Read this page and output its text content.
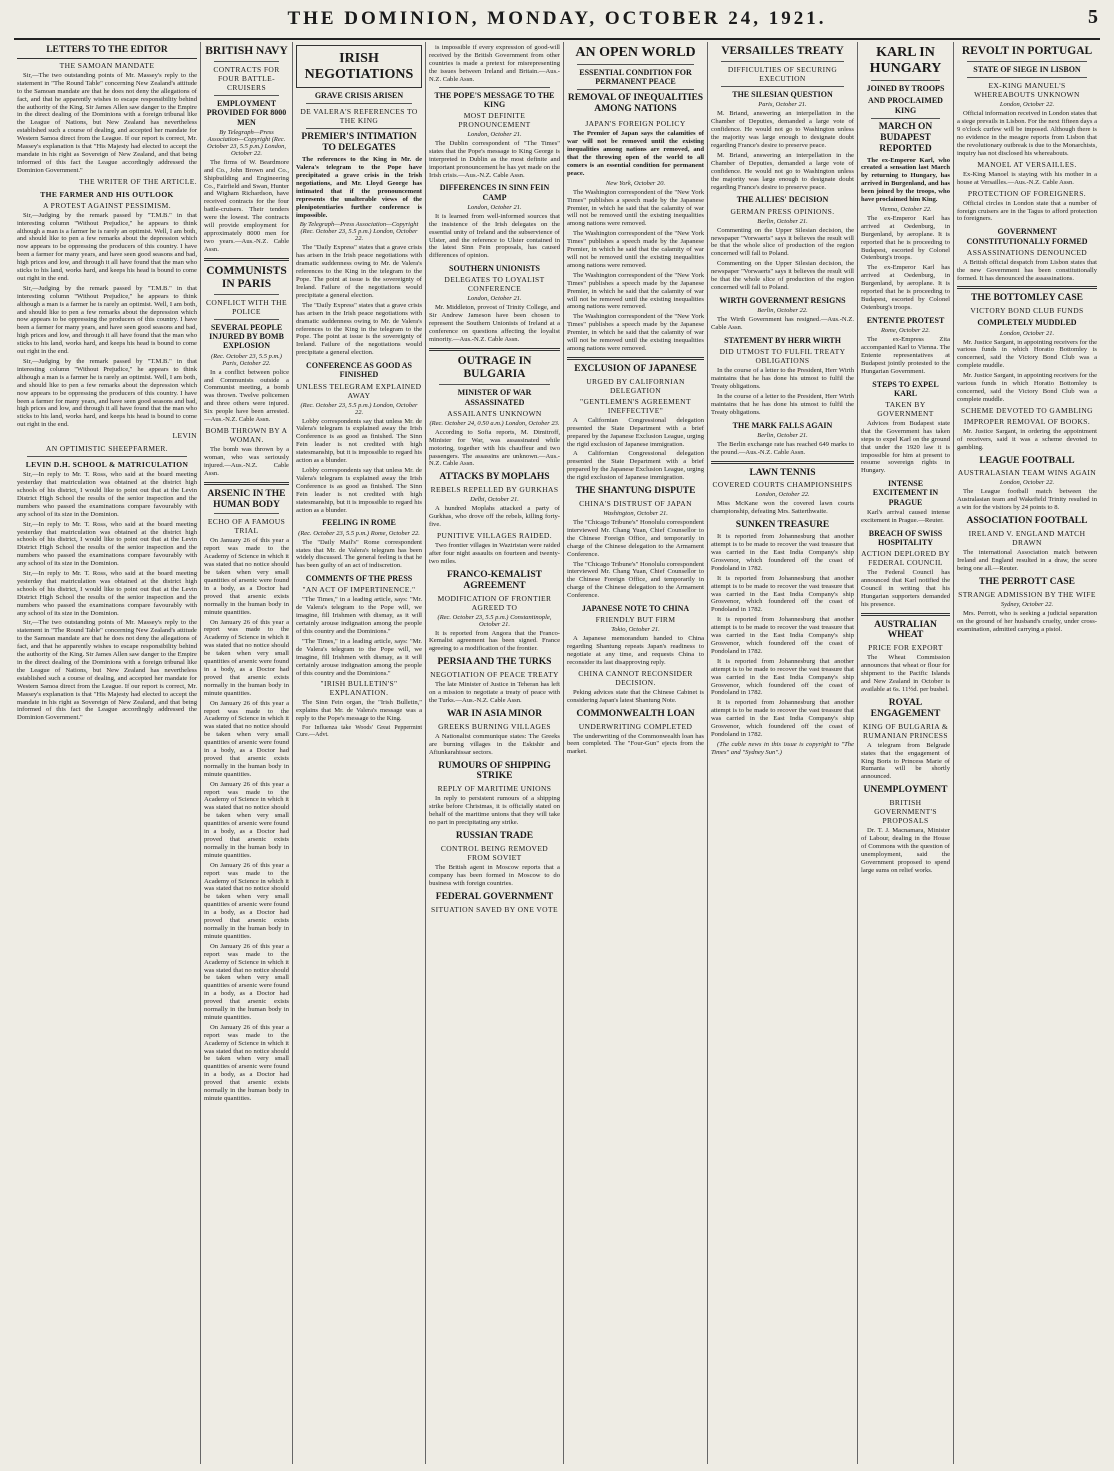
THE DOMINION, MONDAY, OCTOBER 24, 1921.	5
LETTERS TO THE EDITOR
THE SAMOAN MANDATE

Sir,—The two outstanding points of Mr. Massey's reply to the statement in "The Round Table" concerning New Zealand's attitude to the Samoan mandate are that he does not deny the allegations of fact, and that he apparently wishes to escape responsibility behind the authority of the King. Sir James Allen saw danger to the Empire in the direct dealing of the Dominions with a foreign tribunal like the League of Nations, but New Zealand has nevertheless established such a course of dealing, and accepted her mandate for Western Samoa direct from the League. If our report is correct, Mr. Massey's explanation is that "His Majesty had elected to accept the mandate in his right as Sovereign of New Zealand, and that being informed of this fact the League accordingly addressed the Dominion Government."

THE WRITER OF THE ARTICLE.
THE FARMER AND HIS OUTLOOK
A PROTEST AGAINST PESSIMISM.

Sir,—Judging by the remark passed by "T.M.B." in that interesting column "Without Prejudice," he appears to think although a man is a farmer he is rarely an optimist. Well, I am both, and should like to pen a few remarks about the depression which now appears to be oppressing the producers of this country. I have been a farmer for many years, and have seen good seasons and bad, high prices and low, and through it all have found that the man who sticks to his land, works hard, and keeps his head is bound to come out right in the end.

Sir,—Judging by the remark passed by "T.M.B." in that interesting column "Without Prejudice," he appears to think although a man is a farmer he is rarely an optimist. Well, I am both, and should like to pen a few remarks about the depression which now appears to be oppressing the producers of this country. I have been a farmer for many years, and have seen good seasons and bad, high prices and low, and through it all have found that the man who sticks to his land, works hard, and keeps his head is bound to come out right in the end.

Sir,—Judging by the remark passed by "T.M.B." in that interesting column "Without Prejudice," he appears to think although a man is a farmer he is rarely an optimist. Well, I am both, and should like to pen a few remarks about the depression which now appears to be oppressing the producers of this country. I have been a farmer for many years, and have seen good seasons and bad, high prices and low, and through it all have found that the man who sticks to his land, works hard, and keeps his head is bound to come out right in the end.

LEVIN
AN OPTIMISTIC SHEEPFARMER.
LEVIN D.H. SCHOOL & MATRICULATION

Sir,—In reply to Mr. T. Ross, who said at the board meeting yesterday that matriculation was obtained at the district high schools of his district, I would like to point out that at the Levin District High School the results of the senior inspection and the numbers who passed the examinations compare favourably with any school of its size in the Dominion.

Sir,—In reply to Mr. T. Ross, who said at the board meeting yesterday that matriculation was obtained at the district high schools of his district, I would like to point out that at the Levin District High School the results of the senior inspection and the numbers who passed the examinations compare favourably with any school of its size in the Dominion.

Sir,—In reply to Mr. T. Ross, who said at the board meeting yesterday that matriculation was obtained at the district high schools of his district, I would like to point out that at the Levin District High School the results of the senior inspection and the numbers who passed the examinations compare favourably with any school of its size in the Dominion.

Sir,—The two outstanding points of Mr. Massey's reply to the statement in "The Round Table" concerning New Zealand's attitude to the Samoan mandate are that he does not deny the allegations of fact, and that he apparently wishes to escape responsibility behind the authority of the King. Sir James Allen saw danger to the Empire in the direct dealing of the Dominions with a foreign tribunal like the League of Nations, but New Zealand has nevertheless established such a course of dealing, and accepted her mandate for Western Samoa direct from the League. If our report is correct, Mr. Massey's explanation is that "His Majesty had elected to accept the mandate in his right as Sovereign of New Zealand, and that being informed of this fact the League accordingly addressed the Dominion Government."

BRITISH NAVY
CONTRACTS FOR FOUR BATTLE-CRUISERS
EMPLOYMENT PROVIDED FOR 8000 MEN
By Telegraph—Press Association—Copyright (Rec. October 23, 5.5 p.m.) London, October 22.

The firms of W. Beardmore and Co., John Brown and Co., Shipbuilding and Engineering Co., Fairfield and Swan, Hunter and Wigham Richardson, have received contracts for the four battle-cruisers. Their tenders were the lowest. The contracts will provide employment for approximately 8000 men for two years.—Aus.-N.Z. Cable Assn.

COMMUNISTS IN PARIS
CONFLICT WITH THE POLICE
SEVERAL PEOPLE INJURED BY BOMB EXPLOSION
(Rec. October 23, 5.5 p.m.) Paris, October 22.

In a conflict between police and Communists outside a Communist meeting, a bomb was thrown. Twelve policemen and three others were injured. Six people have been arrested.—Aus.-N.Z. Cable Assn.

BOMB THROWN BY A WOMAN.

The bomb was thrown by a woman, who was seriously injured.—Aus.-N.Z. Cable Assn.

ARSENIC IN THE HUMAN BODY
ECHO OF A FAMOUS TRIAL

On January 26 of this year a report was made to the Academy of Science in which it was stated that no notice should be taken when very small quantities of arsenic were found in a body, as a Doctor had proved that arsenic exists normally in the human body in minute quantities.

On January 26 of this year a report was made to the Academy of Science in which it was stated that no notice should be taken when very small quantities of arsenic were found in a body, as a Doctor had proved that arsenic exists normally in the human body in minute quantities.

On January 26 of this year a report was made to the Academy of Science in which it was stated that no notice should be taken when very small quantities of arsenic were found in a body, as a Doctor had proved that arsenic exists normally in the human body in minute quantities.

On January 26 of this year a report was made to the Academy of Science in which it was stated that no notice should be taken when very small quantities of arsenic were found in a body, as a Doctor had proved that arsenic exists normally in the human body in minute quantities.

On January 26 of this year a report was made to the Academy of Science in which it was stated that no notice should be taken when very small quantities of arsenic were found in a body, as a Doctor had proved that arsenic exists normally in the human body in minute quantities.

On January 26 of this year a report was made to the Academy of Science in which it was stated that no notice should be taken when very small quantities of arsenic were found in a body, as a Doctor had proved that arsenic exists normally in the human body in minute quantities.

On January 26 of this year a report was made to the Academy of Science in which it was stated that no notice should be taken when very small quantities of arsenic were found in a body, as a Doctor had proved that arsenic exists normally in the human body in minute quantities.

IRISH NEGOTIATIONS
GRAVE CRISIS ARISEN
DE VALERA'S REFERENCES TO THE KING
PREMIER'S INTIMATION TO DELEGATES

The references to the King in Mr. de Valera's telegram to the Pope have precipitated a grave crisis in the Irish negotiations, and Mr. Lloyd George has intimated that if the pronouncement represents the unalterable views of the plenipotentiaries further conference is impossible.

By Telegraph—Press Association—Copyright (Rec. October 23, 5.5 p.m.) London, October 22.

The "Daily Express" states that a grave crisis has arisen in the Irish peace negotiations with dramatic suddenness owing to Mr. de Valera's references to the King in the telegram to the Pope. The point at issue is the sovereignty of Ireland. Failure of the negotiations would precipitate a general election.

The "Daily Express" states that a grave crisis has arisen in the Irish peace negotiations with dramatic suddenness owing to Mr. de Valera's references to the King in the telegram to the Pope. The point at issue is the sovereignty of Ireland. Failure of the negotiations would precipitate a general election.

CONFERENCE AS GOOD AS FINISHED
UNLESS TELEGRAM EXPLAINED AWAY
(Rec. October 23, 5.5 p.m.) London, October 22.

Lobby correspondents say that unless Mr. de Valera's telegram is explained away the Irish Conference is as good as finished. The Sinn Fein leader is not credited with high statesmanship, but it is impossible to regard his action as a blunder.

Lobby correspondents say that unless Mr. de Valera's telegram is explained away the Irish Conference is as good as finished. The Sinn Fein leader is not credited with high statesmanship, but it is impossible to regard his action as a blunder.

FEELING IN ROME
(Rec. October 23, 5.5 p.m.) Rome, October 22.

The "Daily Mail's" Rome correspondent states that Mr. de Valera's telegram has been widely discussed. The general feeling is that he has been guilty of an act of indiscretion.

COMMENTS OF THE PRESS
"AN ACT OF IMPERTINENCE."

"The Times," in a leading article, says: "Mr. de Valera's telegram to the Pope will, we imagine, fill Irishmen with dismay, as it will certainly arouse indignation among the people of this country and the Dominions."

"The Times," in a leading article, says: "Mr. de Valera's telegram to the Pope will, we imagine, fill Irishmen with dismay, as it will certainly arouse indignation among the people of this country and the Dominions."

"IRISH BULLETIN'S" EXPLANATION.

The Sinn Fein organ, the "Irish Bulletin," explains that Mr. de Valera's message was a reply to the Pope's message to the King.

For Influenza take Woods' Great Peppermint Cure.—Advt.

is impossible if every expression of good-will received by the British Government from other countries is made a pretext for misrepresenting the issues between Ireland and Britain.—Aus.-N.Z. Cable Assn.

THE POPE'S MESSAGE TO THE KING
MOST DEFINITE PRONOUNCEMENT
London, October 21.

The Dublin correspondent of "The Times" states that the Pope's message to King George is interpreted in Dublin as the most definite and important pronouncement he has yet made on the Irish crisis.—Aus.-N.Z. Cable Assn.

DIFFERENCES IN SINN FEIN CAMP
London, October 21.

It is learned from well-informed sources that the insistence of the Irish delegates on the essential unity of Ireland and the subservience of Ulster, and the reference to Ulster contained in the latest Sinn Fein proposals, has caused differences of opinion.

SOUTHERN UNIONISTS
DELEGATES TO LOYALIST CONFERENCE
London, October 21.

Mr. Middleton, provost of Trinity College, and Sir Andrew Jameson have been chosen to represent the Southern Unionists of Ireland at a conference on questions affecting the loyalist minority.—Aus.-N.Z. Cable Assn.

OUTRAGE IN BULGARIA
MINISTER OF WAR ASSASSINATED
ASSAILANTS UNKNOWN
(Rec. October 24, 0.50 a.m.) London, October 23.

According to Sofia reports, M. Dimitroff, Minister for War, was assassinated while motoring, together with his chauffeur and two passengers. The assassins are unknown.—Aus.-N.Z. Cable Assn.

ATTACKS BY MOPLAHS
REBELS REPELLED BY GURKHAS
Delhi, October 21.

A hundred Moplahs attacked a party of Gurkhas, who drove off the rebels, killing forty-five.

PUNITIVE VILLAGES RAIDED.

Two frontier villages in Waziristan were raided after four night assaults on fourteen and twenty-two miles.

FRANCO-KEMALIST AGREEMENT
MODIFICATION OF FRONTIER AGREED TO
(Rec. October 23, 5.5 p.m.) Constantinople, October 21.

It is reported from Angora that the Franco-Kemalist agreement has been signed. France agreeing to a modification of the frontier.

PERSIA AND THE TURKS
NEGOTIATION OF PEACE TREATY

The late Minister of Justice in Teheran has left on a mission to negotiate a treaty of peace with the Turks.—Aus.-N.Z. Cable Assn.

WAR IN ASIA MINOR
GREEKS BURNING VILLAGES

A Nationalist communique states: The Greeks are burning villages in the Eskishir and Afiunkarahissar sectors.

RUMOURS OF SHIPPING STRIKE
REPLY OF MARITIME UNIONS

In reply to persistent rumours of a shipping strike before Christmas, it is officially stated on behalf of the maritime unions that they will take no part in precipitating any strike.

RUSSIAN TRADE
CONTROL BEING REMOVED FROM SOVIET

The British agent in Moscow reports that a company has been formed in Moscow to do business with foreign countries.

FEDERAL GOVERNMENT
SITUATION SAVED BY ONE VOTE
AN OPEN WORLD
ESSENTIAL CONDITION FOR PERMANENT PEACE
REMOVAL OF INEQUALITIES AMONG NATIONS
JAPAN'S FOREIGN POLICY

The Premier of Japan says the calamities of war will not be removed until the existing inequalities among nations are removed, and that the throwing open of the world to all comers is an essential condition for permanent peace.

New York, October 20.

The Washington correspondent of the "New York Times" publishes a speech made by the Japanese Premier, in which he said that the calamity of war will not be removed until the existing inequalities among nations were removed.

The Washington correspondent of the "New York Times" publishes a speech made by the Japanese Premier, in which he said that the calamity of war will not be removed until the existing inequalities among nations were removed.

The Washington correspondent of the "New York Times" publishes a speech made by the Japanese Premier, in which he said that the calamity of war will not be removed until the existing inequalities among nations were removed.

The Washington correspondent of the "New York Times" publishes a speech made by the Japanese Premier, in which he said that the calamity of war will not be removed until the existing inequalities among nations were removed.

EXCLUSION OF JAPANESE
URGED BY CALIFORNIAN DELEGATION
"GENTLEMEN'S AGREEMENT INEFFECTIVE"

A Californian Congressional delegation presented the State Department with a brief prepared by the Japanese Exclusion League, urging the rigid exclusion of Japanese immigration.

A Californian Congressional delegation presented the State Department with a brief prepared by the Japanese Exclusion League, urging the rigid exclusion of Japanese immigration.

THE SHANTUNG DISPUTE
CHINA'S DISTRUST OF JAPAN
Washington, October 21.

The "Chicago Tribune's" Honolulu correspondent interviewed Mr. Chang Yuan, Chief Counsellor to the Chinese Foreign Office, and temporarily in charge of the Chinese delegation to the Armament Conference.

The "Chicago Tribune's" Honolulu correspondent interviewed Mr. Chang Yuan, Chief Counsellor to the Chinese Foreign Office, and temporarily in charge of the Chinese delegation to the Armament Conference.

JAPANESE NOTE TO CHINA
FRIENDLY BUT FIRM
Tokio, October 21.

A Japanese memorandum handed to China regarding Shantung repeats Japan's readiness to negotiate at any time, and requests China to reconsider its last disapproving reply.

CHINA CANNOT RECONSIDER DECISION.

Peking advices state that the Chinese Cabinet is considering Japan's latest Shantung Note.

COMMONWEALTH LOAN
UNDERWRITING COMPLETED

The underwriting of the Commonwealth loan has been completed. The "Four-Gun" ejects from the market.

VERSAILLES TREATY
DIFFICULTIES OF SECURING EXECUTION
THE SILESIAN QUESTION
Paris, October 21.

M. Briand, answering an interpellation in the Chamber of Deputies, demanded a large vote of confidence. He would not go to Washington unless the majority was large enough to designate doubt regarding France's desire to preserve peace.

M. Briand, answering an interpellation in the Chamber of Deputies, demanded a large vote of confidence. He would not go to Washington unless the majority was large enough to designate doubt regarding France's desire to preserve peace.

THE ALLIES' DECISION
GERMAN PRESS OPINIONS.
Berlin, October 21.

Commenting on the Upper Silesian decision, the newspaper "Vorwaerts" says it believes the result will be that the whole slice of production of the region concerned will fall to Poland.

Commenting on the Upper Silesian decision, the newspaper "Vorwaerts" says it believes the result will be that the whole slice of production of the region concerned will fall to Poland.

WIRTH GOVERNMENT RESIGNS
Berlin, October 22.

The Wirth Government has resigned.—Aus.-N.Z. Cable Assn.

STATEMENT BY HERR WIRTH
DID UTMOST TO FULFIL TREATY OBLIGATIONS

In the course of a letter to the President, Herr Wirth maintains that he has done his utmost to fulfil the Treaty obligations.

In the course of a letter to the President, Herr Wirth maintains that he has done his utmost to fulfil the Treaty obligations.

THE MARK FALLS AGAIN
Berlin, October 21.

The Berlin exchange rate has reached 649 marks to the pound.—Aus.-N.Z. Cable Assn.

LAWN TENNIS
COVERED COURTS CHAMPIONSHIPS
London, October 22.

Miss McKane won the covered lawn courts championship, defeating Mrs. Satterthwaite.

SUNKEN TREASURE

It is reported from Johannesburg that another attempt is to be made to recover the vast treasure that was carried in the East India Company's ship Grosvenor, which foundered off the coast of Pondoland in 1782.

It is reported from Johannesburg that another attempt is to be made to recover the vast treasure that was carried in the East India Company's ship Grosvenor, which foundered off the coast of Pondoland in 1782.

It is reported from Johannesburg that another attempt is to be made to recover the vast treasure that was carried in the East India Company's ship Grosvenor, which foundered off the coast of Pondoland in 1782.

It is reported from Johannesburg that another attempt is to be made to recover the vast treasure that was carried in the East India Company's ship Grosvenor, which foundered off the coast of Pondoland in 1782.

It is reported from Johannesburg that another attempt is to be made to recover the vast treasure that was carried in the East India Company's ship Grosvenor, which foundered off the coast of Pondoland in 1782.

(The cable news in this issue is copyright to "The Times" and "Sydney Sun".)

KARL IN HUNGARY
JOINED BY TROOPS
AND PROCLAIMED KING
MARCH ON BUDAPEST REPORTED

The ex-Emperor Karl, who created a sensation last March by returning to Hungary, has arrived in Burgenland, and has been joined by the troops, who have proclaimed him King.

Vienna, October 22.

The ex-Emperor Karl has arrived at Oedenburg, in Burgenland, by aeroplane. It is reported that he is proceeding to Budapest, escorted by Colonel Ostenburg's troops.

The ex-Emperor Karl has arrived at Oedenburg, in Burgenland, by aeroplane. It is reported that he is proceeding to Budapest, escorted by Colonel Ostenburg's troops.

ENTENTE PROTEST
Rome, October 22.

The ex-Empress Zita accompanied Karl to Vienna. The Entente representatives at Budapest jointly protested to the Hungarian Government.

STEPS TO EXPEL KARL
TAKEN BY GOVERNMENT

Advices from Budapest state that the Government has taken steps to expel Karl on the ground that under the 1920 law it is impossible for him at present to resume sovereign rights in Hungary.

INTENSE EXCITEMENT IN PRAGUE

Karl's arrival caused intense excitement in Prague.—Reuter.

BREACH OF SWISS HOSPITALITY
ACTION DEPLORED BY FEDERAL COUNCIL

The Federal Council has announced that Karl notified the Council in writing that his Hungarian supporters demanded his presence.

AUSTRALIAN WHEAT
PRICE FOR EXPORT

The Wheat Commission announces that wheat or flour for shipment to the Pacific Islands and New Zealand in October is available at 6s. 11½d. per bushel.

ROYAL ENGAGEMENT
KING OF BULGARIA & RUMANIAN PRINCESS

A telegram from Belgrade states that the engagement of King Boris to Princess Marie of Rumania will be shortly announced.

UNEMPLOYMENT
BRITISH GOVERNMENT'S PROPOSALS

Dr. T. J. Macnamara, Minister of Labour, dealing in the House of Commons with the question of unemployment, said the Government proposed to spend large sums on relief works.

REVOLT IN PORTUGAL
STATE OF SIEGE IN LISBON
EX-KING MANUEL'S WHEREABOUTS UNKNOWN
London, October 22.

Official information received in London states that a siege prevails in Lisbon. For the next fifteen days a 9 o'clock curfew will be imposed. Although there is no evidence in the meagre reports from Lisbon that the revolutionary outbreak is due to the Monarchists, inquiry has not disclosed his whereabouts.

MANOEL AT VERSAILLES.

Ex-King Manoel is staying with his mother in a house at Versailles.—Aus.-N.Z. Cable Assn.

PROTECTION OF FOREIGNERS.

Official circles in London state that a number of foreign cruisers are in the Tagus to afford protection to foreigners.

GOVERNMENT CONSTITUTIONALLY FORMED
ASSASSINATIONS DENOUNCED

A British official despatch from Lisbon states that the new Government has been constitutionally formed. It has denounced the assassinations.

THE BOTTOMLEY CASE
VICTORY BOND CLUB FUNDS
COMPLETELY MUDDLED
London, October 21.

Mr. Justice Sargant, in appointing receivers for the various funds in which Horatio Bottomley is concerned, said the Victory Bond Club was a complete muddle.

Mr. Justice Sargant, in appointing receivers for the various funds in which Horatio Bottomley is concerned, said the Victory Bond Club was a complete muddle.

SCHEME DEVOTED TO GAMBLING
IMPROPER REMOVAL OF BOOKS.

Mr. Justice Sargant, in ordering the appointment of receivers, said it was a scheme devoted to gambling.

LEAGUE FOOTBALL
AUSTRALASIAN TEAM WINS AGAIN
London, October 22.

The League football match between the Australasian team and Wakefield Trinity resulted in a win for the visitors by 24 points to 8.

ASSOCIATION FOOTBALL
IRELAND V. ENGLAND MATCH DRAWN

The international Association match between Ireland and England resulted in a draw, the score being one all.—Reuter.

THE PERROTT CASE
STRANGE ADMISSION BY THE WIFE
Sydney, October 22.

Mrs. Perrott, who is seeking a judicial separation on the ground of her husband's cruelty, under cross-examination, admitted carrying a pistol.
